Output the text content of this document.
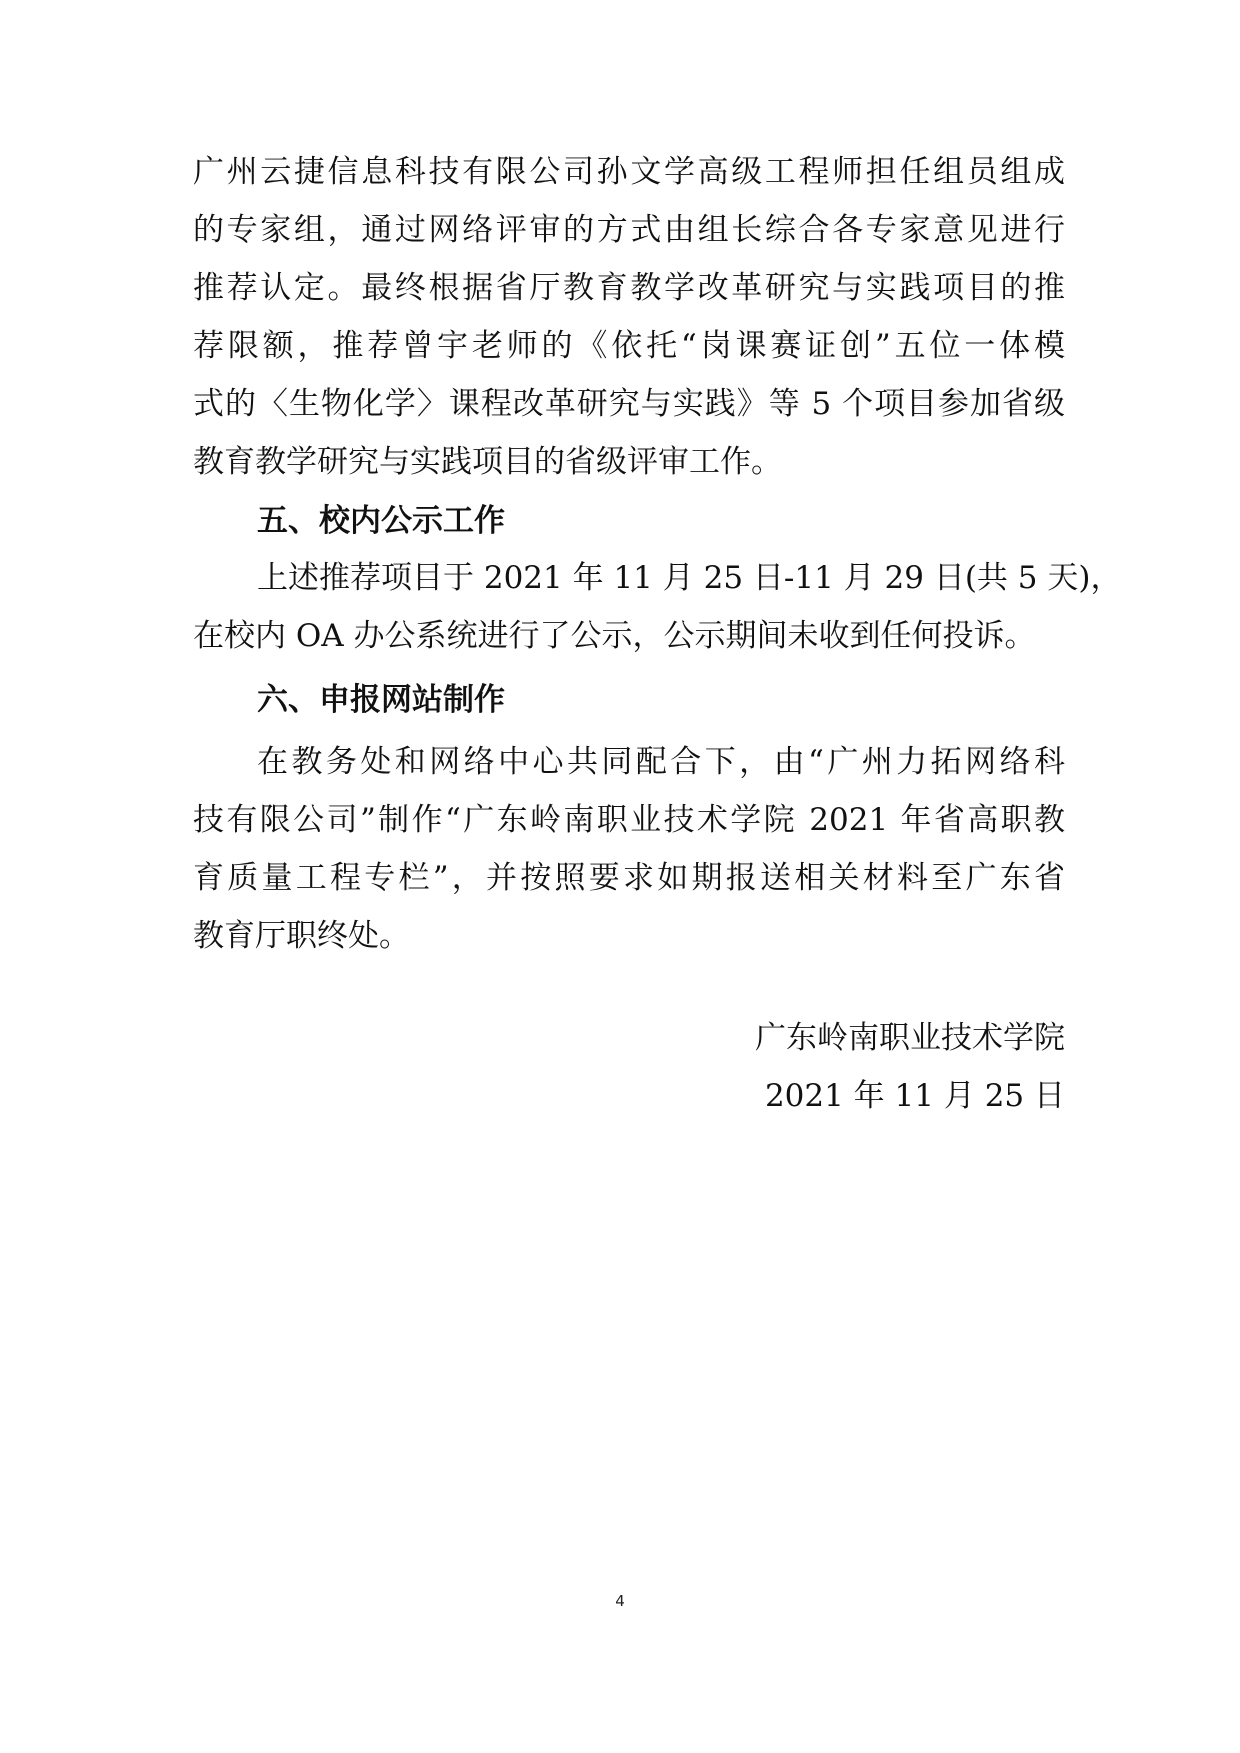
广州云捷信息科技有限公司孙文学高级工程师担任组员组成
的专家组，通过网络评审的方式由组长综合各专家意见进行
推荐认定。最终根据省厅教育教学改革研究与实践项目的推
荐限额，推荐曾宇老师的《依托“岗课赛证创”五位一体模
式的〈生物化学〉课程改革研究与实践》等 5 个项目参加省级
教育教学研究与实践项目的省级评审工作。
五、校内公示工作
上述推荐项目于 2021 年 11 月 25 日-11 月 29 日(共 5 天)，
在校内 OA 办公系统进行了公示，公示期间未收到任何投诉。
六、申报网站制作
在教务处和网络中心共同配合下，由“广州力拓网络科
技有限公司”制作“广东岭南职业技术学院 2021 年省高职教
育质量工程专栏”，并按照要求如期报送相关材料至广东省
教育厅职终处。
广东岭南职业技术学院
2021 年 11 月 25 日
4
